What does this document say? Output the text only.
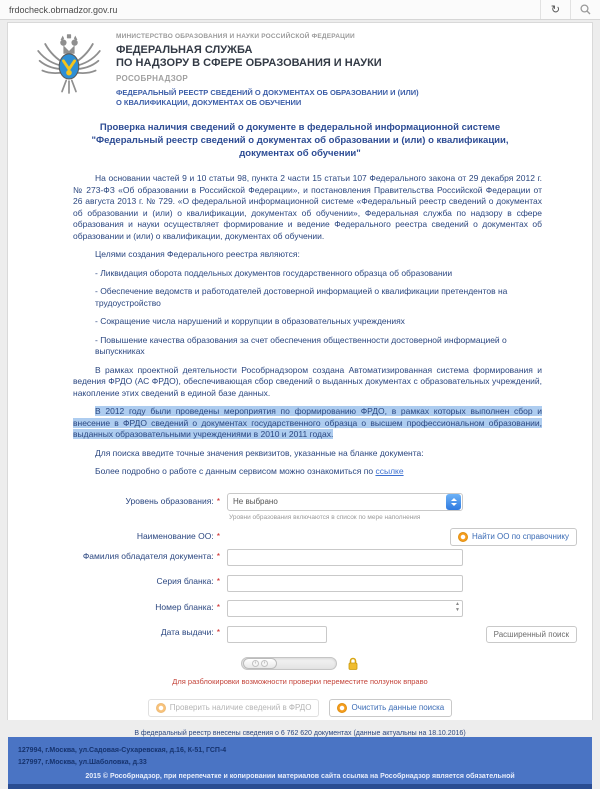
frdocheck.obrnadzor.gov.ru	↻
МИНИСТЕРСТВО ОБРАЗОВАНИЯ И НАУКИ РОССИЙСКОЙ ФЕДЕРАЦИИ
ФЕДЕРАЛЬНАЯ СЛУЖБА
ПО НАДЗОРУ В СФЕРЕ ОБРАЗОВАНИЯ И НАУКИ
РОСОБРНАДЗОР
ФЕДЕРАЛЬНЫЙ РЕЕСТР СВЕДЕНИЙ О ДОКУМЕНТАХ ОБ ОБРАЗОВАНИИ И (ИЛИ)
О КВАЛИФИКАЦИИ, ДОКУМЕНТАХ ОБ ОБУЧЕНИИ
Проверка наличия сведений о документе в федеральной информационной системе "Федеральный реестр сведений о документах об образовании и (или) о квалификации, документах об обучении"

На основании частей 9 и 10 статьи 98, пункта 2 части 15 статьи 107 Федерального закона от 29 декабря 2012 г. № 273-ФЗ «Об образовании в Российской Федерации», и постановления Правительства Российской Федерации от 26 августа 2013 г. № 729. «О федеральной информационной системе «Федеральный реестр сведений о документах об образовании и (или) о квалификации, документах об обучении», Федеральная служба по надзору в сфере образования и науки осуществляет формирование и ведение Федерального реестра сведений о документах об образовании и (или) о квалификации, документах об обучении.

Целями создания Федерального реестра являются:

- Ликвидация оборота поддельных документов государственного образца об образовании

- Обеспечение ведомств и работодателей достоверной информацией о квалификации претендентов на трудоустройство

- Сокращение числа нарушений и коррупции в образовательных учреждениях

- Повышение качества образования за счет обеспечения общественности достоверной информацией о выпускниках

В рамках проектной деятельности Рособрнадзором создана Автоматизированная система формирования и ведения ФРДО (АС ФРДО), обеспечивающая сбор сведений о выданных документах с образовательных учреждений, накопление этих сведений в единой базе данных.

В 2012 году были проведены мероприятия по формированию ФРДО, в рамках которых выполнен сбор и внесение в ФРДО сведений о документах государственного образца о высшем профессиональном образовании, выданных образовательными учреждениями в 2010 и 2011 годах.

Для поиска введите точные значения реквизитов, указанные на бланке документа:

Более подробно о работе с данным сервисом можно ознакомиться по ссылке

Уровень образования: *	Не выбрано
Уровни образования включаются в список по мере наполнения
Наименование ОО: *	Найти ОО по справочнику
Фамилия обладателя документа: *
Серия бланка: *
Номер бланка: *	▲
▼
Дата выдачи: *	Расширенный поиск
‹	›
Для разблокировки возможности проверки переместите ползунок вправо
Проверить наличие сведений в ФРДО	Очистить данные поиска
В федеральный реестр внесены сведения о 6 762 620 документах (данные актуальны на 18.10.2016)
127994, г.Москва, ул.Садовая-Сухаревская, д.16, К-51, ГСП-4
127997, г.Москва, ул.Шаболовка, д.33
2015 © Рособрнадзор, при перепечатке и копировании материалов сайта ссылка на Рособрнадзор является обязательной
